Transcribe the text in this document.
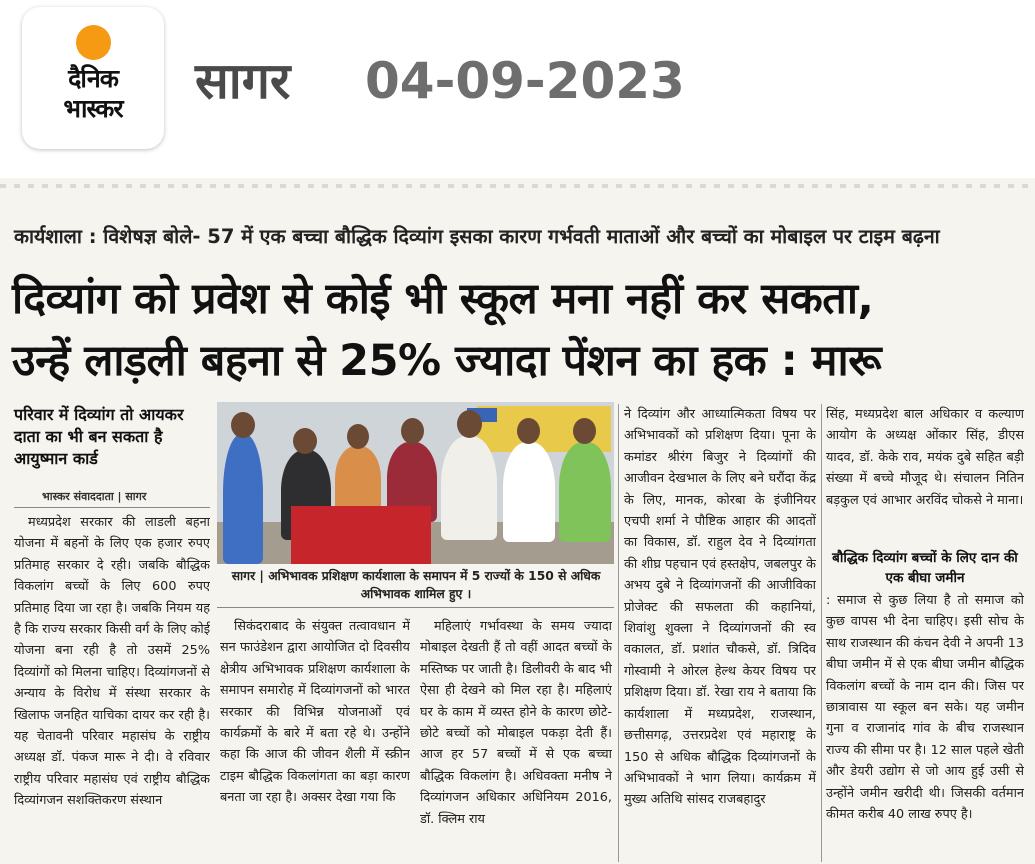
दैनिक
भास्कर	सागर 04-09-2023
कार्यशाला : विशेषज्ञ बोले- 57 में एक बच्चा बौद्धिक दिव्यांग इसका कारण गर्भवती माताओं और बच्चों का मोबाइल पर टाइम बढ़ना
दिव्यांग को प्रवेश से कोई भी स्कूल मना नहीं कर सकता,
उन्हें लाड़ली बहना से 25% ज्यादा पेंशन का हक : मारू
परिवार में दिव्यांग तो आयकर दाता का भी बन सकता है आयुष्मान कार्ड
भास्कर संवाददाता | सागर

मध्यप्रदेश सरकार की लाडली बहना योजना में बहनों के लिए एक हजार रुपए प्रतिमाह सरकार दे रही। जबकि बौद्धिक विकलांग बच्चों के लिए 600 रुपए प्रतिमाह दिया जा रहा है। जबकि नियम यह है कि राज्य सरकार किसी वर्ग के लिए कोई योजना बना रही है तो उसमें 25% दिव्यांगों को मिलना चाहिए। दिव्यांगजनों से अन्याय के विरोध में संस्था सरकार के खिलाफ जनहित याचिका दायर कर रही है। यह चेतावनी परिवार महासंघ के राष्ट्रीय अध्यक्ष डॉ. पंकज मारू ने दी। वे रविवार राष्ट्रीय परिवार महासंघ एवं राष्ट्रीय बौद्धिक दिव्यांगजन सशक्तिकरण संस्थान

सागर | अभिभावक प्रशिक्षण कार्यशाला के समापन में 5 राज्यों के 150 से अधिक अभिभावक शामिल हुए ।

सिकंदराबाद के संयुक्त तत्वावधान में सन फाउंडेशन द्वारा आयोजित दो दिवसीय क्षेत्रीय अभिभावक प्रशिक्षण कार्यशाला के समापन समारोह में दिव्यांगजनों को भारत सरकार की विभिन्न योजनाओं एवं कार्यक्रमों के बारे में बता रहे थे। उन्होंने कहा कि आज की जीवन शैली में स्क्रीन टाइम बौद्धिक विकलांगता का बड़ा कारण बनता जा रहा है। अक्सर देखा गया कि

महिलाएं गर्भावस्था के समय ज्यादा मोबाइल देखती हैं तो वहीं आदत बच्चों के मस्तिष्क पर जाती है। डिलीवरी के बाद भी ऐसा ही देखने को मिल रहा है। महिलाएं घर के काम में व्यस्त होने के कारण छोटे-छोटे बच्चों को मोबाइल पकड़ा देती हैं। आज हर 57 बच्चों में से एक बच्चा बौद्धिक विकलांग है। अधिवक्ता मनीष ने दिव्यांगजन अधिकार अधिनियम 2016, डॉ. क्लिम राय

ने दिव्यांग और आध्यात्मिकता विषय पर अभिभावकों को प्रशिक्षण दिया। पूना के कमांडर श्रीरंग बिजुर ने दिव्यांगों की आजीवन देखभाल के लिए बने घरौंदा केंद्र के लिए, मानक, कोरबा के इंजीनियर एचपी शर्मा ने पौष्टिक आहार की आदतों का विकास, डॉ. राहुल देव ने दिव्यांगता की शीघ्र पहचान एवं हस्तक्षेप, जबलपुर के अभय दुबे ने दिव्यांगजनों की आजीविका प्रोजेक्ट की सफलता की कहानियां, शिवांशु शुक्ला ने दिव्यांगजनों की स्व वकालत, डॉ. प्रशांत चौकसे, डॉ. त्रिदिव गोस्वामी ने ओरल हेल्थ केयर विषय पर प्रशिक्षण दिया। डॉ. रेखा राय ने बताया कि कार्यशाला में मध्यप्रदेश, राजस्थान, छत्तीसगढ़, उत्तरप्रदेश एवं महाराष्ट्र के 150 से अधिक बौद्धिक दिव्यांगजनों के अभिभावकों ने भाग लिया। कार्यक्रम में मुख्य अतिथि सांसद राजबहादुर

सिंह, मध्यप्रदेश बाल अधिकार व कल्याण आयोग के अध्यक्ष ओंकार सिंह, डीएस यादव, डॉ. केके राव, मयंक दुबे सहित बड़ी संख्या में बच्चे मौजूद थे। संचालन नितिन बड़कुल एवं आभार अरविंद चोकसे ने माना।

बौद्धिक दिव्यांग बच्चों के लिए दान की एक बीघा जमीन

: समाज से कुछ लिया है तो समाज को कुछ वापस भी देना चाहिए। इसी सोच के साथ राजस्थान की कंचन देवी ने अपनी 13 बीघा जमीन में से एक बीघा जमीन बौद्धिक विकलांग बच्चों के नाम दान की। जिस पर छात्रावास या स्कूल बन सके। यह जमीन गुना व राजानांद गांव के बीच राजस्थान राज्य की सीमा पर है। 12 साल पहले खेती और डेयरी उद्योग से जो आय हुई उसी से उन्होंने जमीन खरीदी थी। जिसकी वर्तमान कीमत करीब 40 लाख रुपए है।
